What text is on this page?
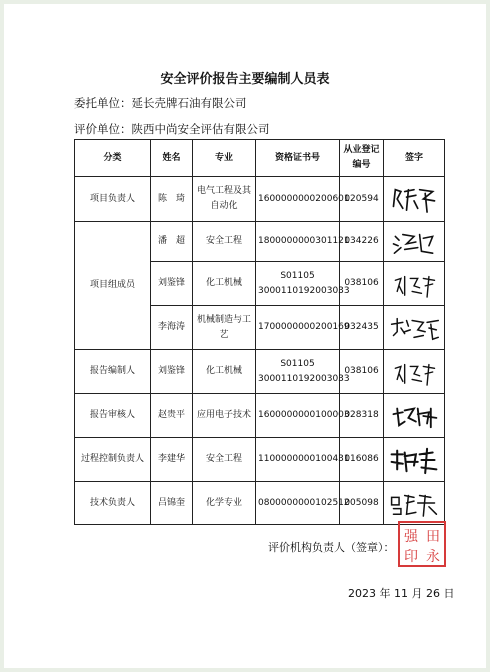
安全评价报告主要编制人员表
委托单位：延长壳牌石油有限公司
评价单位：陕西中尚安全评估有限公司
分类	姓名	专业	资格证书号	从业登记编号	签字
项目负责人	陈　琦	电气工程及其自动化	1600000000200601	020594	

项目组成员	潘　超	安全工程	1800000000301121	034226	

	刘鉴锋	化工机械	S01105 3000110192003033	038106	

	李海涛	机械制造与工艺	1700000000200169	032435	

报告编制人	刘鉴锋	化工机械	S01105 3000110192003033	038106	

报告审核人	赵贵平	应用电子技术	1600000000100003	028318	

过程控制负责人	李建华	安全工程	1100000000100431	016086	

技术负责人	吕锦奎	化学专业	0800000000102512	005098	
评价机构负责人（签章）：
强 田
印 永
2023 年 11 月 26 日
